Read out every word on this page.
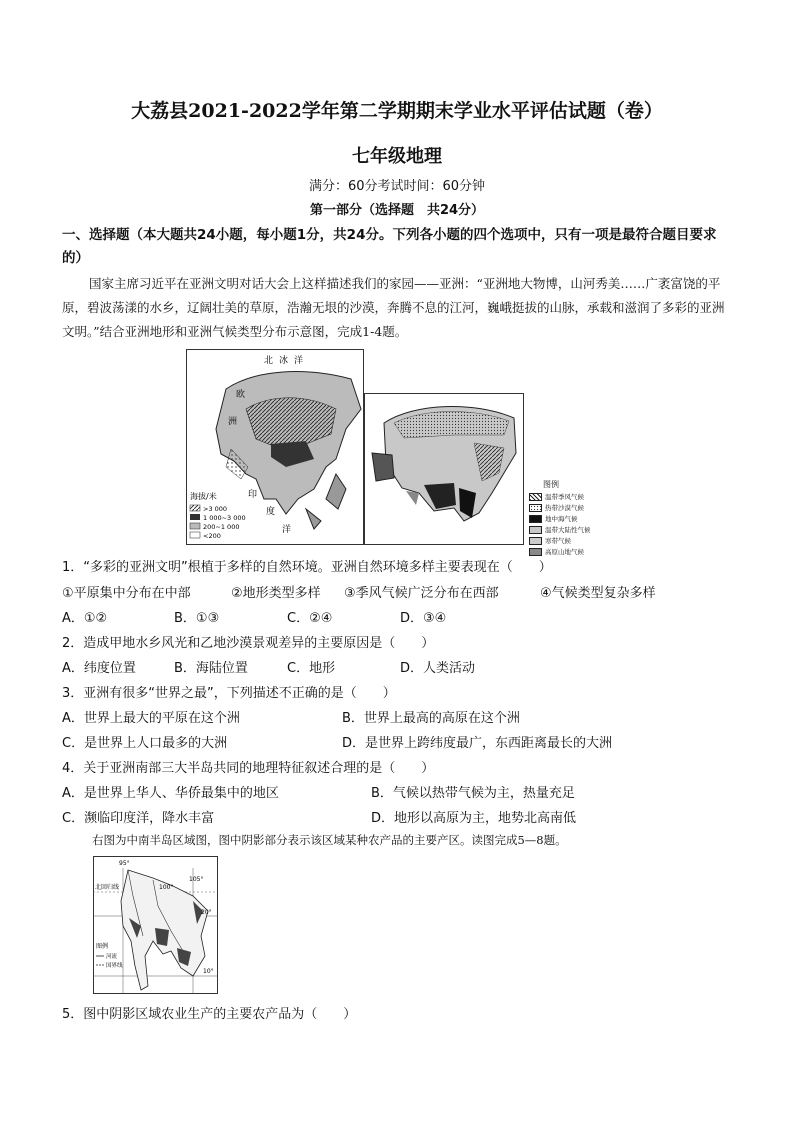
大荔县2021-2022学年第二学期期末学业水平评估试题（卷）
七年级地理
满分：60分考试时间：60分钟
第一部分（选择题　共24分）
一、选择题（本大题共24小题，每小题1分，共24分。下列各小题的四个选项中，只有一项是最符合题目要求的）
国家主席习近平在亚洲文明对话大会上这样描述我们的家园——亚洲：“亚洲地大物博，山河秀美……广袤富饶的平原，碧波荡漾的水乡，辽阔壮美的草原，浩瀚无垠的沙漠，奔腾不息的江河，巍峨挺拔的山脉，承载和滋润了多彩的亚洲文明。”结合亚洲地形和亚洲气候类型分布示意图，完成1-4题。
北冰洋
欧
洲
印
度
洋
海拔/米
>3 000
1 000~3 000
200~1 000
<200
图例
温带季风气候
热带沙漠气候
地中海气候
温带大陆性气候
寒带气候
高原山地气候
1．“多彩的亚洲文明”根植于多样的自然环境。亚洲自然环境多样主要表现在（　　）
①平原集中分布在中部	②地形类型多样 ③季风气候广泛分布在西部	④气候类型复杂多样
A．①②	B．①③	C．②④	D．③④
2．造成甲地水乡风光和乙地沙漠景观差异的主要原因是（　　）
A．纬度位置	B．海陆位置	C．地形	D．人类活动
3．亚洲有很多“世界之最”，下列描述不正确的是（　　）
A．世界上最大的平原在这个洲	B．世界上最高的高原在这个洲
C．是世界上人口最多的大洲	D．是世界上跨纬度最广，东西距离最长的大洲
4．关于亚洲南部三大半岛共同的地理特征叙述合理的是（　　）
A．是世界上华人、华侨最集中的地区	B．气候以热带气候为主，热量充足
C．濒临印度洋，降水丰富	D．地形以高原为主，地势北高南低
右图为中南半岛区域图，图中阴影部分表示该区域某种农产品的主要产区。读图完成5—8题。
95°
北回归线	100°
105°
20°
10°
图例
河流
国界线
5．图中阴影区域农业生产的主要农产品为（　　）
